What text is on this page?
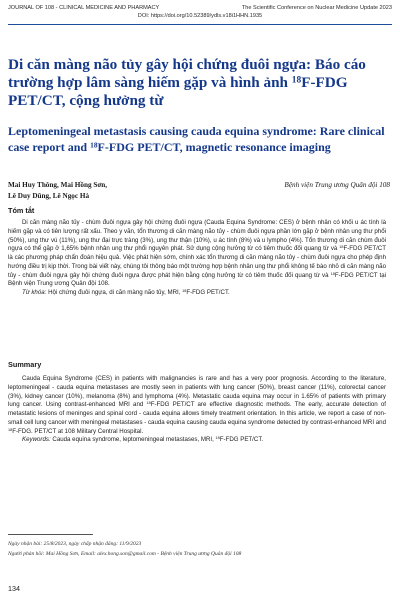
JOURNAL OF 108 - CLINICAL MEDICINE AND PHARMACY	The Scientific Conference on Nuclear Medicine Update 2023
DOI: https://doi.org/10.52389/ydls.v18i1HHN.1935
Di căn màng não tủy gây hội chứng đuôi ngựa: Báo cáo trường hợp lâm sàng hiếm gặp và hình ảnh $^{18}$F-FDG PET/CT, cộng hưởng từ
Leptomeningeal metastasis causing cauda equina syndrome: Rare clinical case report and $^{18}$F-FDG PET/CT, magnetic resonance imaging
Mai Huy Thông, Mai Hồng Sơn,
Lê Duy Dũng, Lê Ngọc Hà
Bệnh viện Trung ương Quân đội 108
Tóm tắt

Di căn màng não tủy - chùm đuôi ngựa gây hội chứng đuôi ngựa (Cauda Equina Syndrome: CES) ở bệnh nhân có khối u ác tính là hiếm gặp và có tiên lượng rất xấu. Theo y văn, tổn thương di căn màng não tủy - chùm đuôi ngựa phần lớn gặp ở bệnh nhân ung thư phổi (50%), ung thư vú (11%), ung thư đại trực tràng (3%), ung thư thận (10%), u ác tính (8%) và u lympho (4%). Tổn thương di căn chùm đuôi ngựa có thể gặp ở 1,65% bệnh nhân ung thư phổi nguyên phát. Sử dụng cộng hưởng từ có tiêm thuốc đối quang từ và $^{18}$F-FDG PET/CT là các phương pháp chẩn đoán hiệu quả. Việc phát hiện sớm, chính xác tổn thương di căn màng não tủy - chùm đuôi ngựa cho phép định hướng điều trị kịp thời. Trong bài viết này, chúng tôi thông báo một trường hợp bệnh nhân ung thư phổi không tế bào nhỏ di căn màng não tủy - chùm đuôi ngựa gây hội chứng đuôi ngựa được phát hiện bằng cộng hưởng từ có tiêm thuốc đối quang từ và $^{18}$F-FDG PET/CT tại Bệnh viện Trung ương Quân đội 108.

Từ khóa: Hội chứng đuôi ngựa, di căn màng não tủy, MRI, $^{18}$F-FDG PET/CT.

Summary

Cauda Equina Syndrome (CES) in patients with malignancies is rare and has a very poor prognosis. According to the literature, leptomeningeal - cauda equina metastases are mostly seen in patients with lung cancer (50%), breast cancer (11%), colorectal cancer (3%), kidney cancer (10%), melanoma (8%) and lymphoma (4%). Metastatic cauda equina may occur in 1.65% of patients with primary lung cancer. Using contrast-enhanced MRI and $^{18}$F-FDG PET/CT are effective diagnostic methods. The early, accurate detection of metastatic lesions of meninges and spinal cord - cauda equina allows timely treatment orientation. In this article, we report a case of non-small cell lung cancer with meningeal metastases - cauda equina causing cauda equina syndrome detected by contrast-enhanced MRI and $^{18}$F-FDG. PET/CT at 108 Military Central Hospital.

Keywords: Cauda equina syndrome, leptomeningeal metastases, MRI, $^{18}$F-FDG PET/CT.

Ngày nhận bài: 25/8/2023, ngày chấp nhận đăng: 11/9/2023
Người phản hồi: Mai Hồng Sơn, Email: alex.hong.son@gmail.com - Bệnh viện Trung ương Quân đội 108
134
